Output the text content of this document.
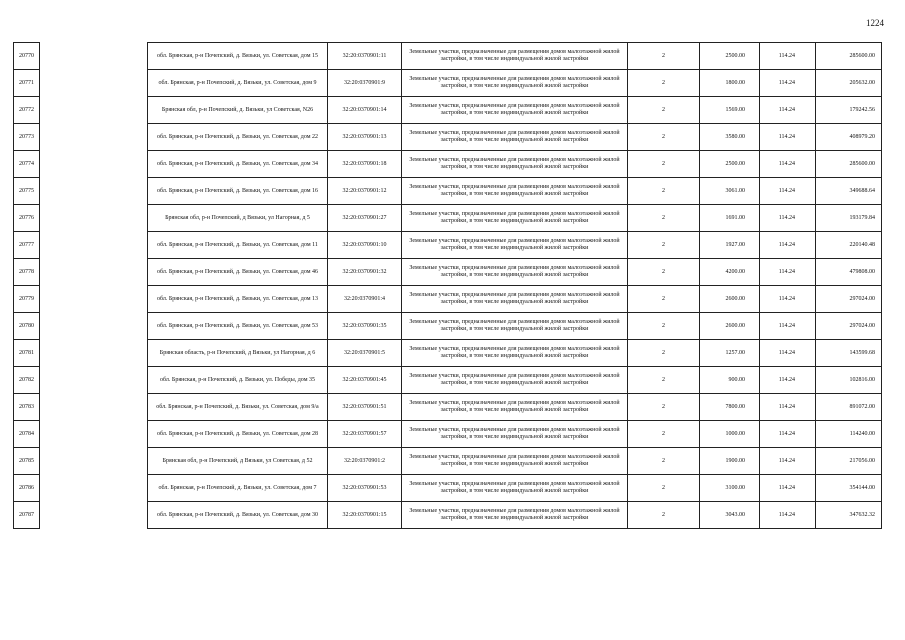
1224
20770		обл. Брянская, р-н Почепский, д. Вязьки, ул. Советская, дом 15	32:20:0370901:11	Земельные участки, предназначенные для размещения домов малоэтажной жилой застройки, в том числе индивидуальной жилой застройки	2	2500.00	114.24	285600.00
20771		обл. Брянская, р-н Почепский, д. Вязьки, ул. Советская, дом 9	32:20:0370901:9	Земельные участки, предназначенные для размещения домов малоэтажной жилой застройки, в том числе индивидуальной жилой застройки	2	1800.00	114.24	205632.00
20772		Брянская обл, р-н Почепский, д. Вязьки, ул Советская, N26	32:20:0370901:14	Земельные участки, предназначенные для размещения домов малоэтажной жилой застройки, в том числе индивидуальной жилой застройки	2	1569.00	114.24	179242.56
20773		обл. Брянская, р-н Почепский, д. Вязьки, ул. Советская, дом 22	32:20:0370901:13	Земельные участки, предназначенные для размещения домов малоэтажной жилой застройки, в том числе индивидуальной жилой застройки	2	3580.00	114.24	408979.20
20774		обл. Брянская, р-н Почепский, д. Вязьки, ул. Советская, дом 34	32:20:0370901:18	Земельные участки, предназначенные для размещения домов малоэтажной жилой застройки, в том числе индивидуальной жилой застройки	2	2500.00	114.24	285600.00
20775		обл. Брянская, р-н Почепский, д. Вязьки, ул. Советская, дом 16	32:20:0370901:12	Земельные участки, предназначенные для размещения домов малоэтажной жилой застройки, в том числе индивидуальной жилой застройки	2	3061.00	114.24	349688.64
20776		Брянская обл, р-н Почепский, д Вязьки, ул Нагорная, д 5	32:20:0370901:27	Земельные участки, предназначенные для размещения домов малоэтажной жилой застройки, в том числе индивидуальной жилой застройки	2	1691.00	114.24	193179.84
20777		обл. Брянская, р-н Почепский, д. Вязьки, ул. Советская, дом 11	32:20:0370901:10	Земельные участки, предназначенные для размещения домов малоэтажной жилой застройки, в том числе индивидуальной жилой застройки	2	1927.00	114.24	220140.48
20778		обл. Брянская, р-н Почепский, д. Вязьки, ул. Советская, дом 46	32:20:0370901:32	Земельные участки, предназначенные для размещения домов малоэтажной жилой застройки, в том числе индивидуальной жилой застройки	2	4200.00	114.24	479808.00
20779		обл. Брянская, р-н Почепский, д. Вязьки, ул. Советская, дом 13	32:20:0370901:4	Земельные участки, предназначенные для размещения домов малоэтажной жилой застройки, в том числе индивидуальной жилой застройки	2	2600.00	114.24	297024.00
20780		обл. Брянская, р-н Почепский, д. Вязьки, ул. Советская, дом 53	32:20:0370901:35	Земельные участки, предназначенные для размещения домов малоэтажной жилой застройки, в том числе индивидуальной жилой застройки	2	2600.00	114.24	297024.00
20781		Брянская область, р-н Почепский, д Вязьки, ул Нагорная, д 6	32:20:0370901:5	Земельные участки, предназначенные для размещения домов малоэтажной жилой застройки, в том числе индивидуальной жилой застройки	2	1257.00	114.24	143599.68
20782		обл. Брянская, р-н Почепский, д. Вязьки, ул. Победы, дом 35	32:20:0370901:45	Земельные участки, предназначенные для размещения домов малоэтажной жилой застройки, в том числе индивидуальной жилой застройки	2	900.00	114.24	102816.00
20783		обл. Брянская, р-н Почепский, д. Вязьки, ул. Советская, дом 9/а	32:20:0370901:51	Земельные участки, предназначенные для размещения домов малоэтажной жилой застройки, в том числе индивидуальной жилой застройки	2	7800.00	114.24	891072.00
20784		обл. Брянская, р-н Почепский, д. Вязьки, ул. Советская, дом 28	32:20:0370901:57	Земельные участки, предназначенные для размещения домов малоэтажной жилой застройки, в том числе индивидуальной жилой застройки	2	1000.00	114.24	114240.00
20785		Брянская обл, р-н Почепский, д Вязьки, ул Советская, д 52	32:20:0370901:2	Земельные участки, предназначенные для размещения домов малоэтажной жилой застройки, в том числе индивидуальной жилой застройки	2	1900.00	114.24	217056.00
20786		обл. Брянская, р-н Почепский, д. Вязьки, ул. Советская, дом 7	32:20:0370901:53	Земельные участки, предназначенные для размещения домов малоэтажной жилой застройки, в том числе индивидуальной жилой застройки	2	3100.00	114.24	354144.00
20787		обл. Брянская, р-н Почепский, д. Вязьки, ул. Советская, дом 30	32:20:0370901:15	Земельные участки, предназначенные для размещения домов малоэтажной жилой застройки, в том числе индивидуальной жилой застройки	2	3043.00	114.24	347632.32
